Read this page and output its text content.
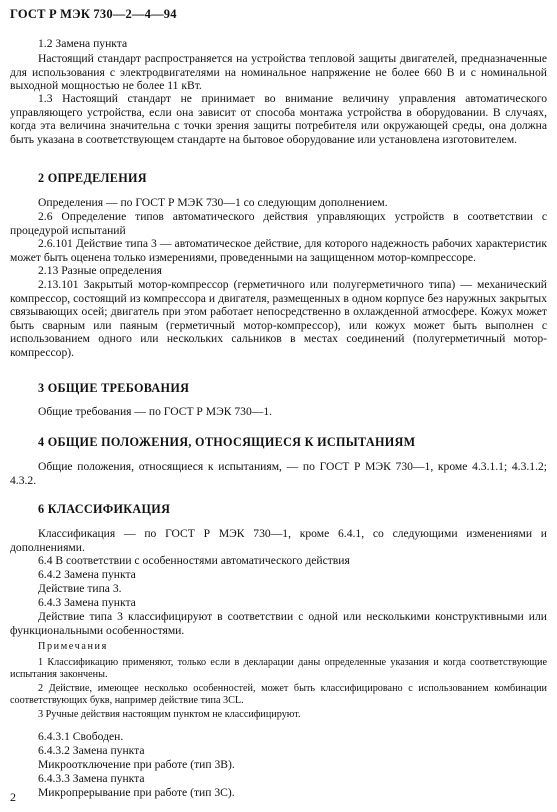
ГОСТ Р МЭК 730—2—4—94

1.2 Замена пункта

Настоящий стандарт распространяется на устройства тепловой защиты двигателей, предназначенные для использования с электродвигателями на номинальное напряжение не более 660 В и с номинальной выходной мощностью не более 11 кВт.

1.3 Настоящий стандарт не принимает во внимание величину управления автоматического управляющего устройства, если она зависит от способа монтажа устройства в оборудовании. В случаях, когда эта величина значительна с точки зрения защиты потребителя или окружающей среды, она должна быть указана в соответствующем стандарте на бытовое оборудование или установлена изготовителем.

2 ОПРЕДЕЛЕНИЯ

Определения — по ГОСТ Р МЭК 730—1 со следующим дополнением.

2.6 Определение типов автоматического действия управляющих устройств в соответствии с процедурой испытаний

2.6.101 Действие типа 3 — автоматическое действие, для которого надежность рабочих характеристик может быть оценена только измерениями, проведенными на защищенном мотор-компрессоре.

2.13 Разные определения

2.13.101 Закрытый мотор-компрессор (герметичного или полугерметичного типа) — механический компрессор, состоящий из компрессора и двигателя, размещенных в одном корпусе без наружных закрытых связывающих осей; двигатель при этом работает непосредственно в охлажденной атмосфере. Кожух может быть сварным или паяным (герметичный мотор-компрессор), или кожух может быть выполнен с использованием одного или нескольких сальников в местах соединений (полугерметичный мотор-компрессор).

3 ОБЩИЕ ТРЕБОВАНИЯ

Общие требования — по ГОСТ Р МЭК 730—1.

4 ОБЩИЕ ПОЛОЖЕНИЯ, ОТНОСЯЩИЕСЯ К ИСПЫТАНИЯМ

Общие положения, относящиеся к испытаниям, — по ГОСТ Р МЭК 730—1, кроме 4.3.1.1; 4.3.1.2; 4.3.2.

6 КЛАССИФИКАЦИЯ

Классификация — по ГОСТ Р МЭК 730—1, кроме 6.4.1, со следующими изменениями и дополнениями.

6.4 В соответствии с особенностями автоматического действия

6.4.2 Замена пункта

Действие типа 3.

6.4.3 Замена пункта

Действие типа 3 классифицируют в соответствии с одной или несколькими конструктивными или функциональными особенностями.

Примечания

1 Классификацию применяют, только если в декларации даны определенные указания и когда соответствующие испытания закончены.

2 Действие, имеющее несколько особенностей, может быть классифицировано с использованием комбинации соответствующих букв, например действие типа 3CL.

3 Ручные действия настоящим пунктом не классифицируют.

6.4.3.1 Свободен.

6.4.3.2 Замена пункта

Микроотключение при работе (тип 3B).

6.4.3.3 Замена пункта

Микропрерывание при работе (тип 3C).

2
